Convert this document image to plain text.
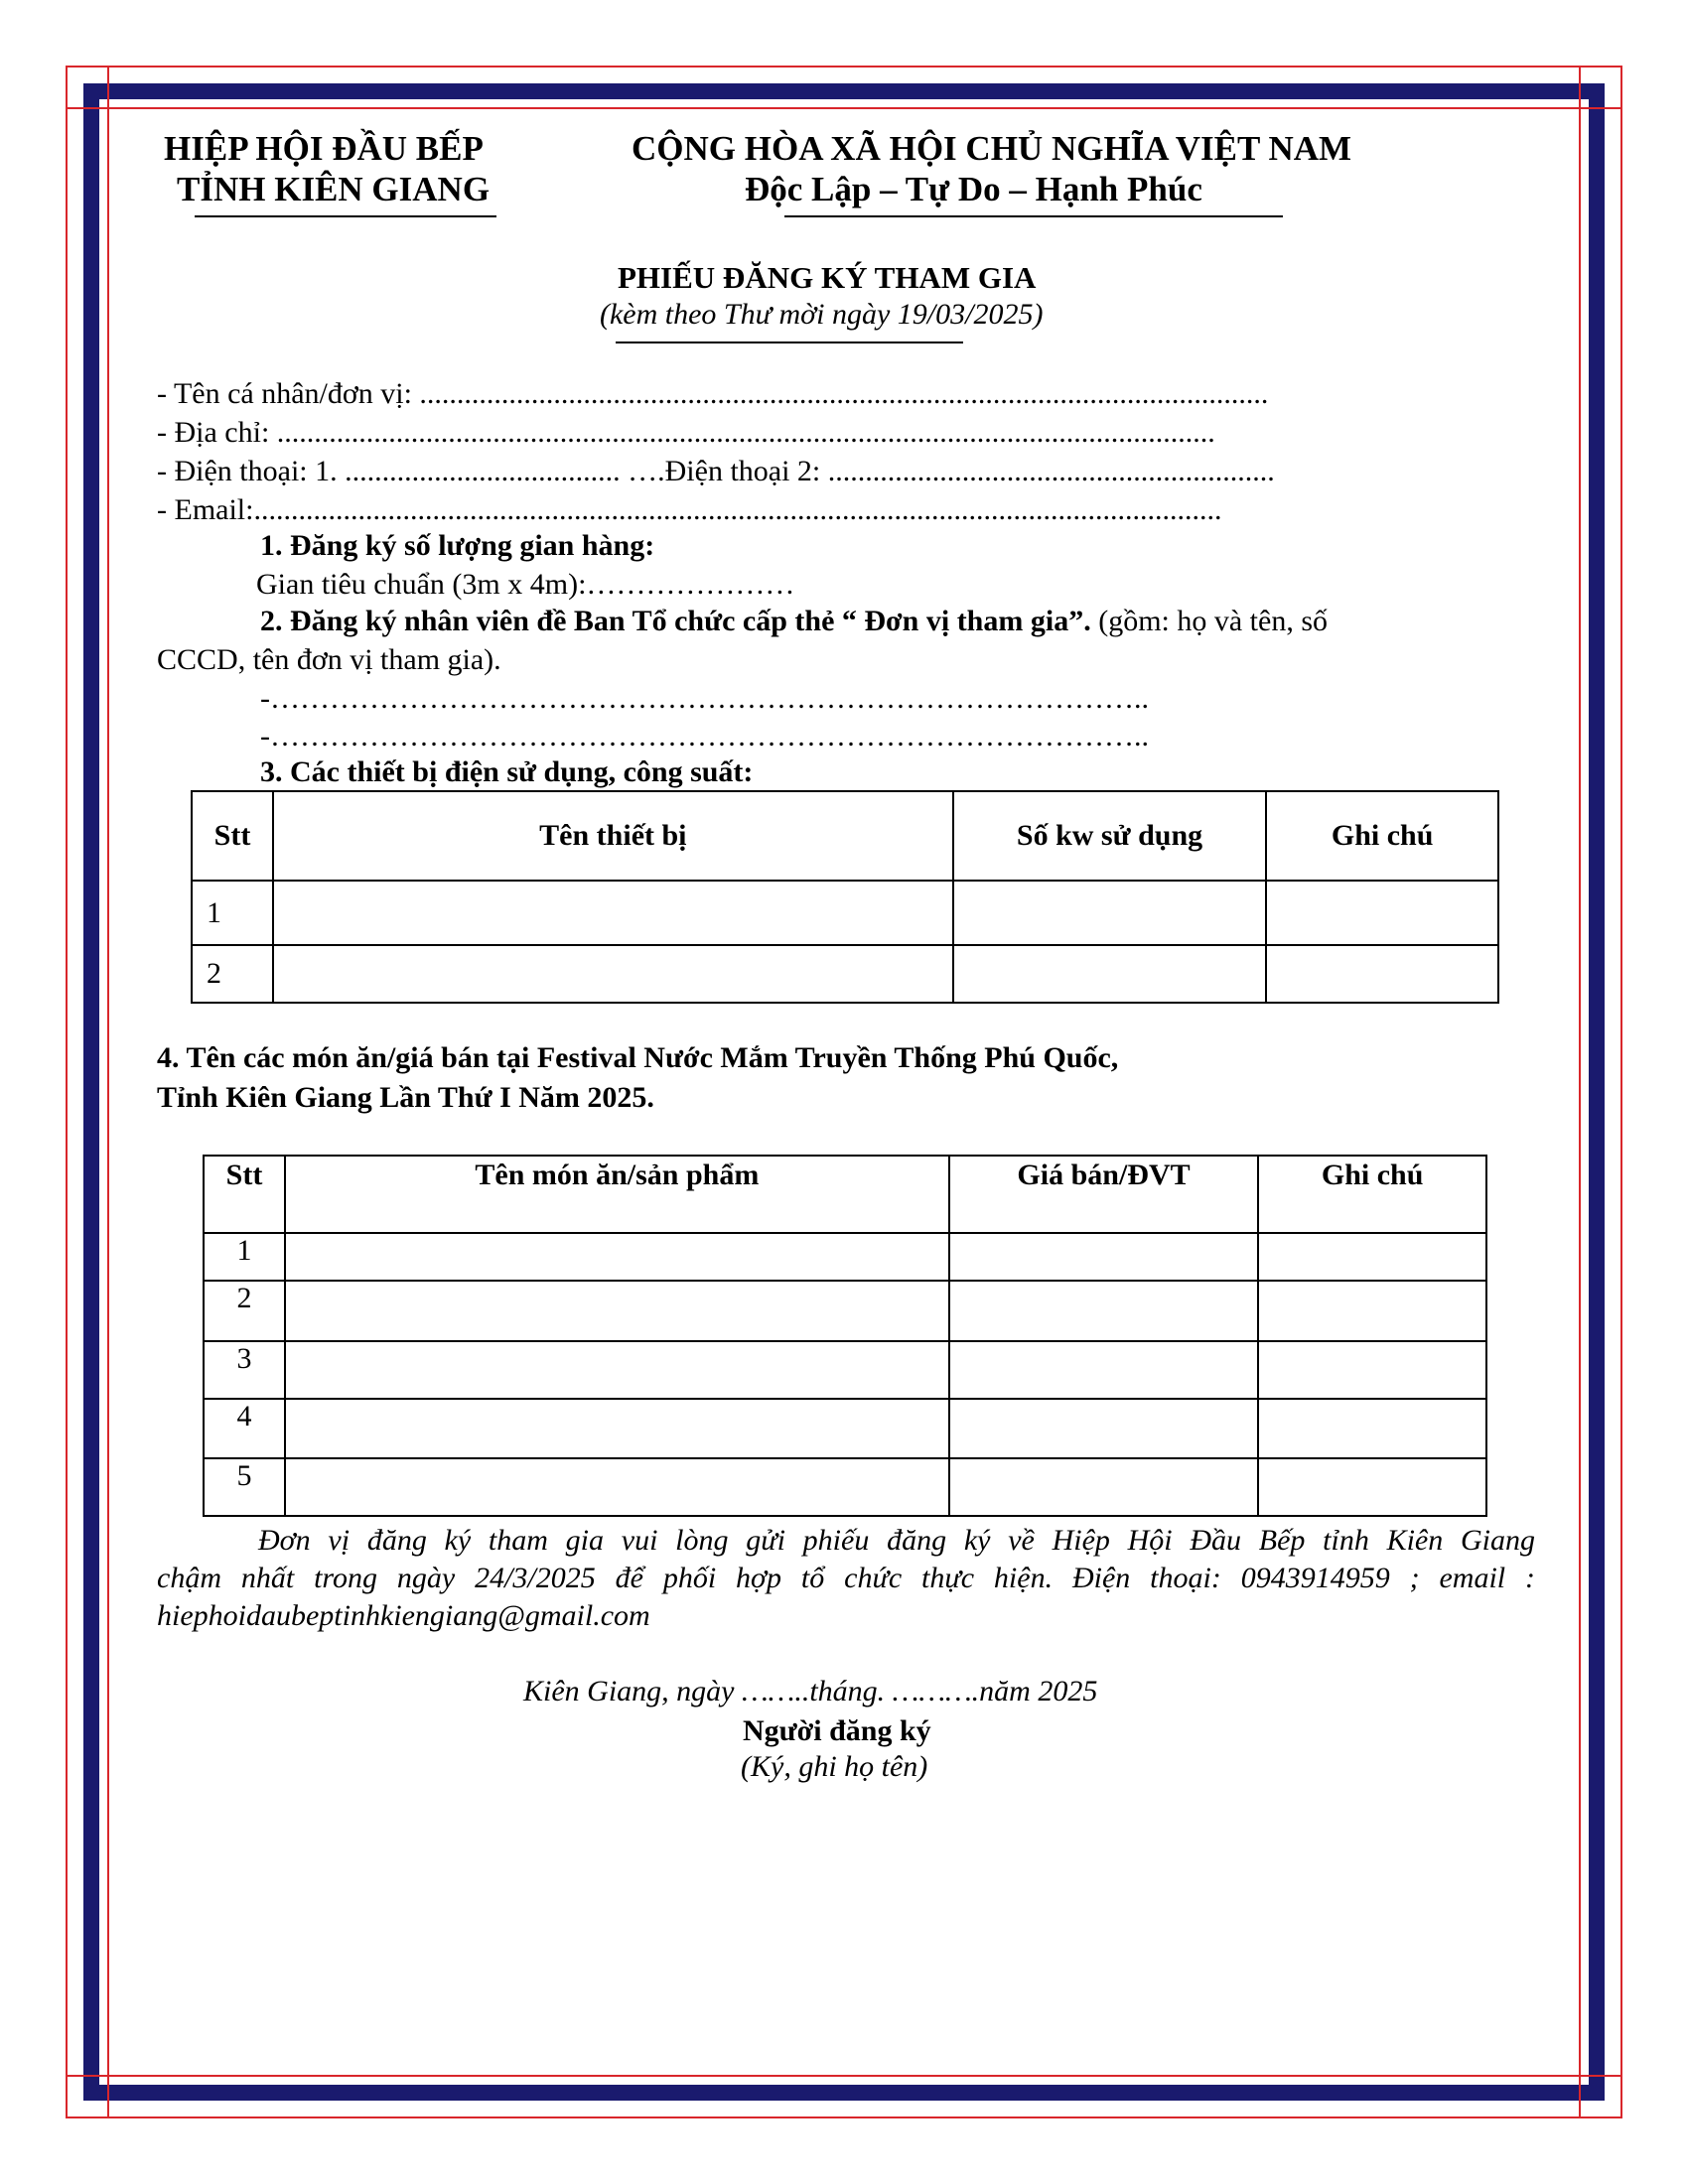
HIỆP HỘI ĐẦU BẾP
TỈNH KIÊN GIANG
CỘNG HÒA XÃ HỘI CHỦ NGHĨA VIỆT NAM
Độc Lập – Tự Do – Hạnh Phúc
PHIẾU ĐĂNG KÝ THAM GIA
(kèm theo Thư mời ngày 19/03/2025)
- Tên cá nhân/đơn vị: ..................................................................................................................
- Địa chỉ: ..............................................................................................................................
- Điện thoại: 1. ..................................... ….Điện thoại 2: ............................................................
- Email:..................................................................................................................................
1. Đăng ký số lượng gian hàng:
Gian tiêu chuẩn (3m x 4m):…………………
2. Đăng ký nhân viên đề Ban Tổ chức cấp thẻ “ Đơn vị tham gia”. (gồm: họ và tên, số
CCCD, tên đơn vị tham gia).
-……………………………………………………………………………..
-……………………………………………………………………………..
3. Các thiết bị điện sử dụng, công suất:
Stt	Tên thiết bị	Số kw sử dụng	Ghi chú
1			
2			
4. Tên các món ăn/giá bán tại Festival Nước Mắm Truyền Thống Phú Quốc,
Tỉnh Kiên Giang Lần Thứ I Năm 2025.
Stt	Tên món ăn/sản phẩm	Giá bán/ĐVT	Ghi chú
1			
2			
3			
4			
5			
Đơn vị đăng ký tham gia vui lòng gửi phiếu đăng ký về Hiệp Hội Đầu Bếp tỉnh Kiên Giang
chậm nhất trong ngày 24/3/2025 để phối hợp tổ chức thực hiện. Điện thoại: 0943914959 ; email :
hiephoidaubeptinhkiengiang@gmail.com
Kiên Giang, ngày ……..tháng. ……….năm 2025
Người đăng ký
(Ký, ghi họ tên)
